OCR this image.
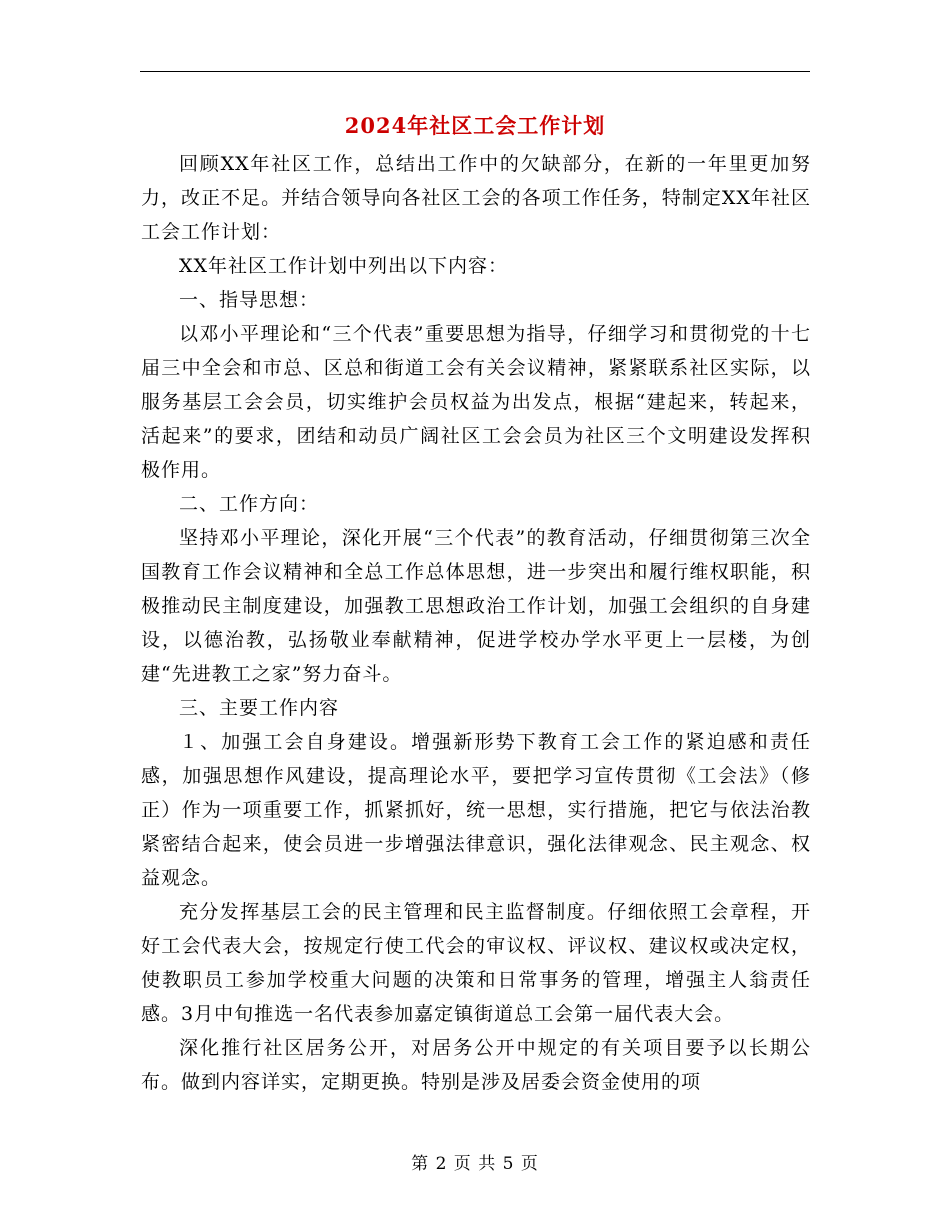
2024年社区工会工作计划

回顾XX年社区工作，总结出工作中的欠缺部分，在新的一年里更加努力，改正不足。并结合领导向各社区工会的各项工作任务，特制定XX年社区工会工作计划：

XX年社区工作计划中列出以下内容：

一、指导思想：

以邓小平理论和“三个代表”重要思想为指导，仔细学习和贯彻党的十七届三中全会和市总、区总和街道工会有关会议精神，紧紧联系社区实际，以服务基层工会会员，切实维护会员权益为出发点，根据“建起来，转起来，活起来”的要求，团结和动员广阔社区工会会员为社区三个文明建设发挥积极作用。

二、工作方向：

坚持邓小平理论，深化开展“三个代表”的教育活动，仔细贯彻第三次全国教育工作会议精神和全总工作总体思想，进一步突出和履行维权职能，积极推动民主制度建设，加强教工思想政治工作计划，加强工会组织的自身建设，以德治教，弘扬敬业奉献精神，促进学校办学水平更上一层楼，为创建“先进教工之家”努力奋斗。

三、主要工作内容

１、加强工会自身建设。增强新形势下教育工会工作的紧迫感和责任感，加强思想作风建设，提高理论水平，要把学习宣传贯彻《工会法》（修正）作为一项重要工作，抓紧抓好，统一思想，实行措施，把它与依法治教紧密结合起来，使会员进一步增强法律意识，强化法律观念、民主观念、权益观念。

充分发挥基层工会的民主管理和民主监督制度。仔细依照工会章程，开好工会代表大会，按规定行使工代会的审议权、评议权、建议权或决定权，使教职员工参加学校重大问题的决策和日常事务的管理，增强主人翁责任感。3月中旬推选一名代表参加嘉定镇街道总工会第一届代表大会。

深化推行社区居务公开，对居务公开中规定的有关项目要予以长期公布。做到内容详实，定期更换。特别是涉及居委会资金使用的项

第 2 页 共 5 页
